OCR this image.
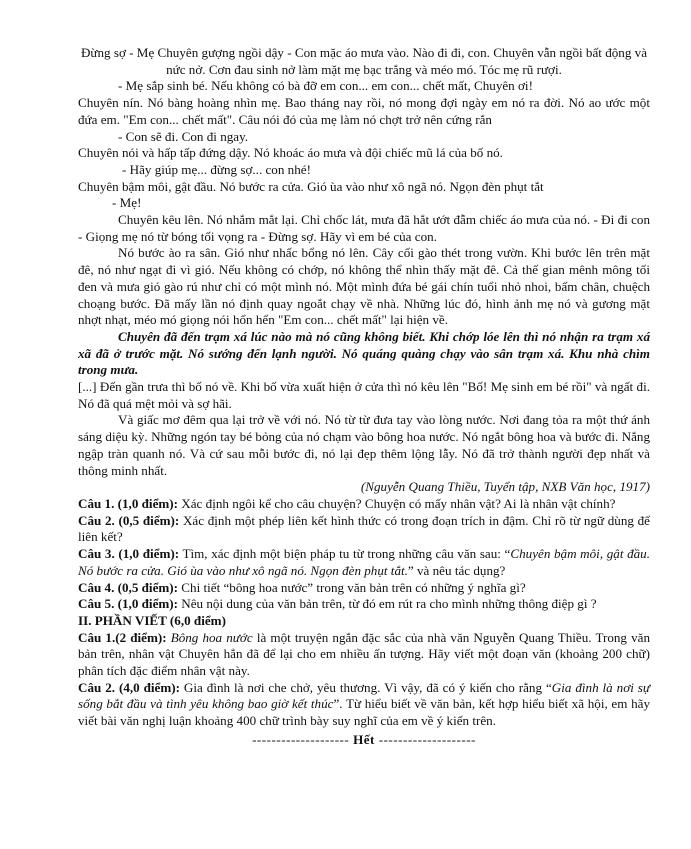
Đừng sợ - Mẹ Chuyên gượng ngồi dậy - Con mặc áo mưa vào. Nào đi đi, con. Chuyên vẫn ngồi bất động và nức nở. Cơn đau sinh nở làm mặt mẹ bạc trắng và méo mó. Tóc mẹ rũ rượi.

- Mẹ sắp sinh bé. Nếu không có bà đỡ em con... em con... chết mất, Chuyên ơi!

Chuyên nín. Nó bàng hoàng nhìn mẹ. Bao tháng nay rồi, nó mong đợi ngày em nó ra đời. Nó ao ước một đứa em. "Em con... chết mất". Câu nói đó của mẹ làm nó chợt trở nên cứng rắn

- Con sẽ đi. Con đi ngay.

Chuyên nói và hấp tấp đứng dậy. Nó khoác áo mưa và đội chiếc mũ lá của bố nó.

- Hãy giúp mẹ... đừng sợ... con nhé!

Chuyên bậm môi, gật đầu. Nó bước ra cửa. Gió ùa vào như xô ngã nó. Ngọn đèn phụt tắt

- Mẹ!

Chuyên kêu lên. Nó nhắm mắt lại. Chỉ chốc lát, mưa đã hắt ướt đẫm chiếc áo mưa của nó. - Đi đi con - Giọng mẹ nó từ bóng tối vọng ra - Đừng sợ. Hãy vì em bé của con.

Nó bước ào ra sân. Gió như nhấc bổng nó lên. Cây cối gào thét trong vườn. Khi bước lên trên mặt đê, nó như ngạt đi vì gió. Nếu không có chớp, nó không thể nhìn thấy mặt đê. Cả thế gian mênh mông tối đen và mưa gió gào rú như chỉ có một mình nó. Một mình đứa bé gái chín tuổi nhỏ nhoi, bấm chân, chuệch choạng bước. Đã mấy lần nó định quay ngoắt chạy về nhà. Những lúc đó, hình ảnh mẹ nó và gương mặt nhợt nhạt, méo mó giọng nói hổn hển "Em con... chết mất" lại hiện về.

Chuyên đã đến trạm xá lúc nào mà nó cũng không biết. Khi chớp lóe lên thì nó nhận ra trạm xá xã đã ở trước mặt. Nó sướng đến lạnh người. Nó quáng quàng chạy vào sân trạm xá. Khu nhà chìm trong mưa.

[...] Đến gần trưa thì bố nó về. Khi bố vừa xuất hiện ở cửa thì nó kêu lên "Bố! Mẹ sinh em bé rồi" và ngất đi. Nó đã quá mệt mỏi và sợ hãi.

Và giấc mơ đêm qua lại trở về với nó. Nó từ từ đưa tay vào lòng nước. Nơi đang tỏa ra một thứ ánh sáng diệu kỳ. Những ngón tay bé bỏng của nó chạm vào bông hoa nước. Nó ngắt bông hoa và bước đi. Nắng ngập tràn quanh nó. Và cứ sau mỗi bước đi, nó lại đẹp thêm lộng lẫy. Nó đã trở thành người đẹp nhất và thông minh nhất.

(Nguyễn Quang Thiều, Tuyển tập, NXB Văn học, 1917)

Câu 1. (1,0 điểm): Xác định ngôi kể cho câu chuyện? Chuyện có mấy nhân vật? Ai là nhân vật chính?

Câu 2. (0,5 điểm): Xác định một phép liên kết hình thức có trong đoạn trích in đậm. Chỉ rõ từ ngữ dùng để liên kết?

Câu 3. (1,0 điểm): Tìm, xác định một biện pháp tu từ trong những câu văn sau: “Chuyên bậm môi, gật đầu. Nó bước ra cửa. Gió ùa vào như xô ngã nó. Ngọn đèn phụt tắt.” và nêu tác dụng?

Câu 4. (0,5 điểm): Chi tiết “bông hoa nước” trong văn bản trên có những ý nghĩa gì?

Câu 5. (1,0 điểm): Nêu nội dung của văn bản trên, từ đó em rút ra cho mình những thông điệp gì ?

II. PHẦN VIẾT (6,0 điểm)

Câu 1.(2 điểm): Bông hoa nước là một truyện ngắn đặc sắc của nhà văn Nguyễn Quang Thiều. Trong văn bản trên, nhân vật Chuyên hẳn đã để lại cho em nhiều ấn tượng. Hãy viết một đoạn văn (khoảng 200 chữ) phân tích đặc điểm nhân vật này.

Câu 2. (4,0 điểm): Gia đình là nơi che chở, yêu thương. Vì vậy, đã có ý kiến cho rằng “Gia đình là nơi sự sống bắt đầu và tình yêu không bao giờ kết thúc”. Từ hiểu biết về văn bản, kết hợp hiểu biết xã hội, em hãy viết bài văn nghị luận khoảng 400 chữ trình bày suy nghĩ của em về ý kiến trên.

-------------------- Hết --------------------
